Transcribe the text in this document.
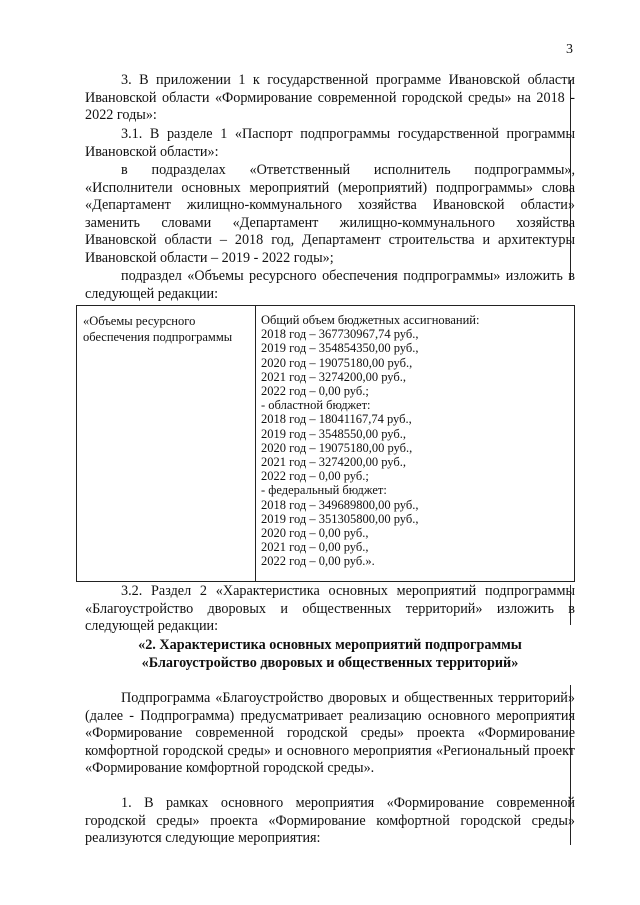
3
3. В приложении 1 к государственной программе Ивановской области Ивановской области «Формирование современной городской среды» на 2018 - 2022 годы»:
3.1. В разделе 1 «Паспорт подпрограммы государственной программы Ивановской области»:
в подразделах «Ответственный исполнитель подпрограммы», «Исполнители основных мероприятий (мероприятий) подпрограммы» слова «Департамент жилищно-коммунального хозяйства Ивановской области» заменить словами «Департамент жилищно-коммунального хозяйства Ивановской области – 2018 год, Департамент строительства и архитектуры Ивановской области – 2019 - 2022 годы»;
подраздел «Объемы ресурсного обеспечения подпрограммы» изложить в следующей редакции:
«Объемы ресурсного обеспечения подпрограммы
Общий объем бюджетных ассигнований:
2018 год – 367730967,74 руб.,
2019 год – 354854350,00 руб.,
2020 год – 19075180,00 руб.,
2021 год – 3274200,00 руб.,
2022 год – 0,00 руб.;
- областной бюджет:
2018 год – 18041167,74 руб.,
2019 год – 3548550,00 руб.,
2020 год – 19075180,00 руб.,
2021 год – 3274200,00 руб.,
2022 год – 0,00 руб.;
- федеральный бюджет:
2018 год – 349689800,00 руб.,
2019 год – 351305800,00 руб.,
2020 год – 0,00 руб.,
2021 год – 0,00 руб.,
2022 год – 0,00 руб.».
3.2. Раздел 2 «Характеристика основных мероприятий подпрограммы «Благоустройство дворовых и общественных территорий» изложить в следующей редакции:
«2. Характеристика основных мероприятий подпрограммы
«Благоустройство дворовых и общественных территорий»
Подпрограмма «Благоустройство дворовых и общественных территорий» (далее - Подпрограмма) предусматривает реализацию основного мероприятия «Формирование современной городской среды» проекта «Формирование комфортной городской среды» и основного мероприятия «Региональный проект «Формирование комфортной городской среды».
1. В рамках основного мероприятия «Формирование современной городской среды» проекта «Формирование комфортной городской среды» реализуются следующие мероприятия:
